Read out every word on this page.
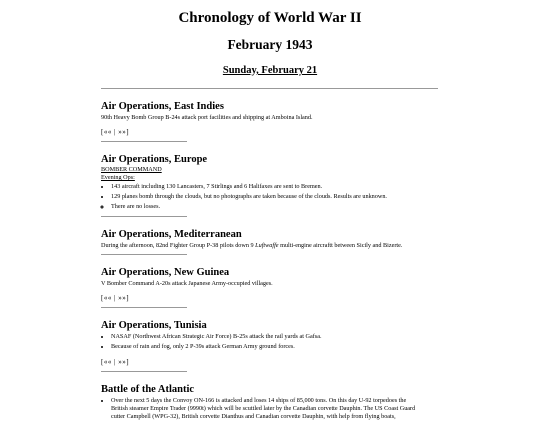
Chronology of World War II
February 1943
Sunday, February 21
Air Operations, East Indies
90th Heavy Bomb Group B-24s attack port facilities and shipping at Amboina Island.
[«« | »»]
Air Operations, Europe
BOMBER COMMAND
Evening Ops:
• 143 aircraft including 130 Lancasters, 7 Stirlings and 6 Halifaxes are sent to Bremen.
• 129 planes bomb through the clouds, but no photographs are taken because of the clouds. Results are unknown.
◦ There are no losses.
Air Operations, Mediterranean
During the afternoon, 82nd Fighter Group P-38 pilots down 9 Luftwaffe multi-engine aircraftt between Sicily and Bizerte.
Air Operations, New Guinea
V Bomber Command A-20s attack Japanese Army-occupied villages.
[«« | »»]
Air Operations, Tunisia
• NASAF (Northwest African Strategic Air Force) B-25s attack the rail yards at Gafsa.
• Because of rain and fog, only 2 P-39s attack German Army ground forces.
[«« | »»]
Battle of the Atlantic
• Over the next 5 days the Convoy ON-166 is attacked and loses 14 ships of 85,000 tons. On this day U-92 torpedoes the
British steamer Empire Trader (9990t) which will be scuttled later by the Canadian corvette Dauphin. The US Coast Guard
cutter Campbell (WPG-32), British corvette Dianthus and Canadian corvette Dauphin, with help from flying boats,
